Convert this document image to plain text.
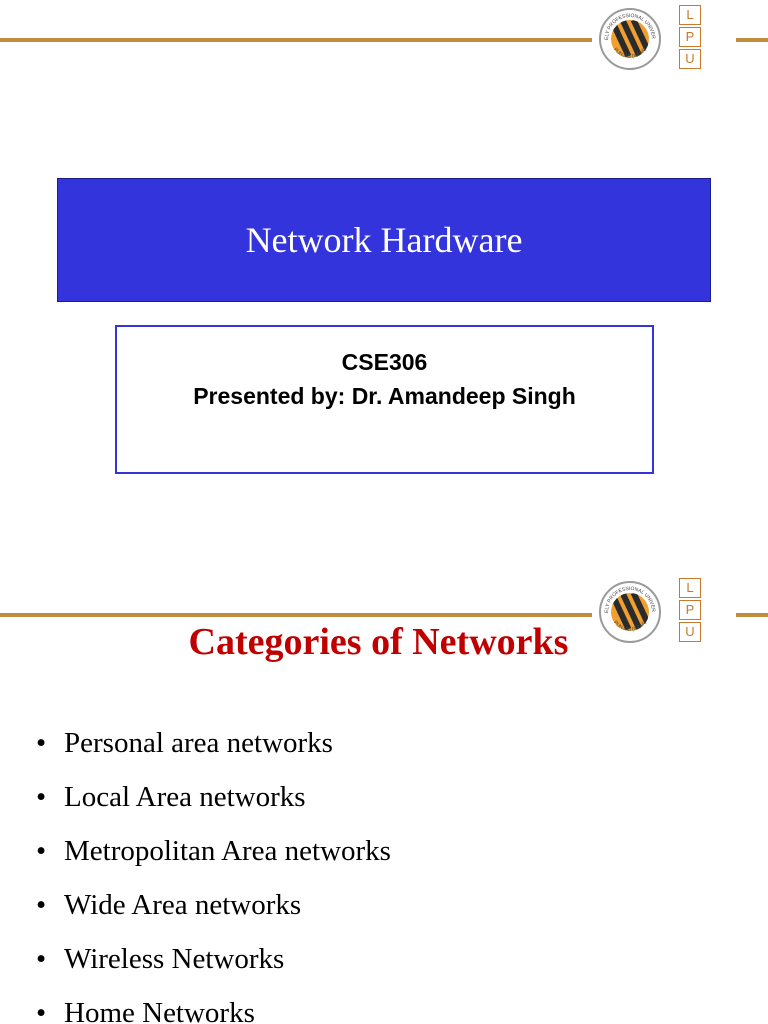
ELY PROFESSIONAL UNIVER
PUNJAB (INDIA)
L
P
U
Network Hardware
CSE306
Presented by: Dr. Amandeep Singh
ELY PROFESSIONAL UNIVER
PUNJAB (INDIA)
L
P
U
Categories of Networks
• Personal area networks
• Local Area networks
• Metropolitan Area networks
• Wide Area networks
• Wireless Networks
• Home Networks
